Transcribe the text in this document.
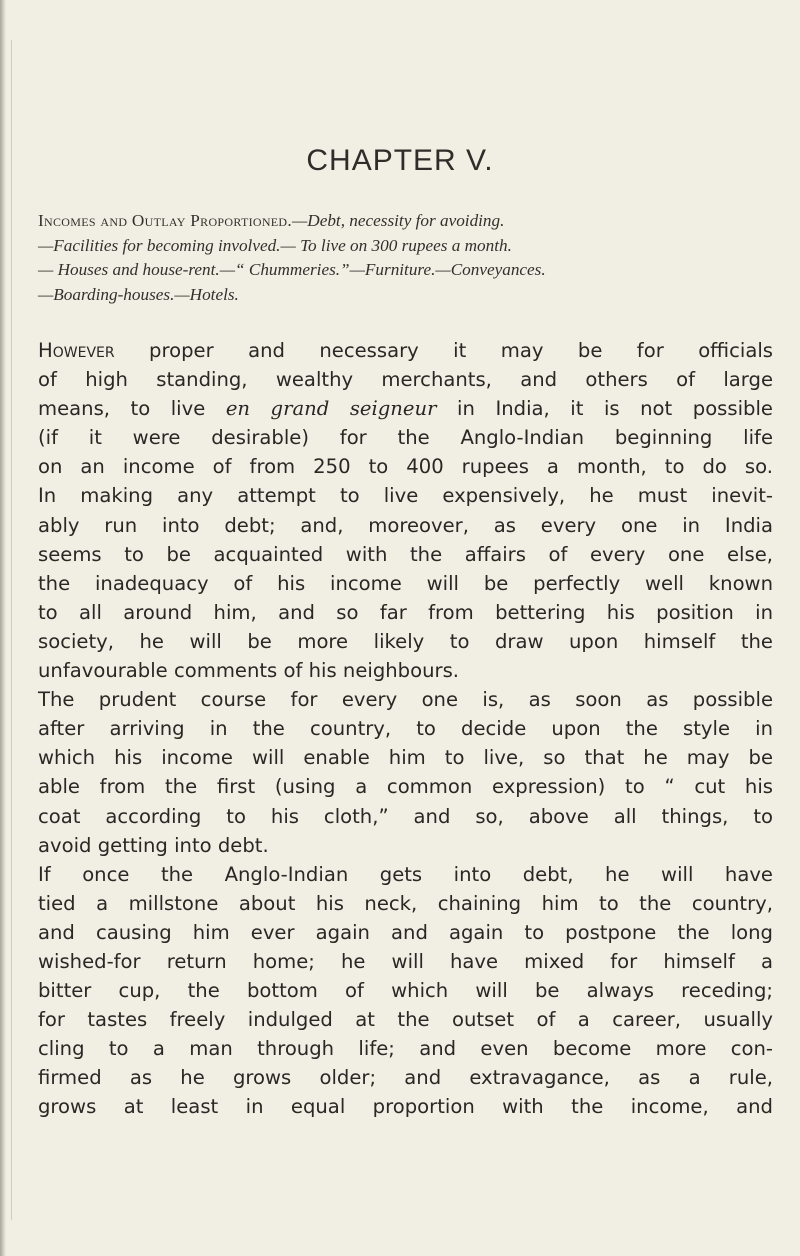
CHAPTER V.
Incomes and Outlay Proportioned.—Debt, necessity for avoiding.
—Facilities for becoming involved.— To live on 300 rupees a month.
— Houses and house-rent.—“ Chummeries.”—Furniture.—Conveyances.
—Boarding-houses.—Hotels.
However proper and necessary it may be for officials
of high standing, wealthy merchants, and others of large
means, to live en grand seigneur in India, it is not possible
(if it were desirable) for the Anglo-Indian beginning life
on an income of from 250 to 400 rupees a month, to do so.
In making any attempt to live expensively, he must inevit-
ably run into debt; and, moreover, as every one in India
seems to be acquainted with the affairs of every one else,
the inadequacy of his income will be perfectly well known
to all around him, and so far from bettering his position in
society, he will be more likely to draw upon himself the
unfavourable comments of his neighbours.
The prudent course for every one is, as soon as possible
after arriving in the country, to decide upon the style in
which his income will enable him to live, so that he may be
able from the first (using a common expression) to “ cut his
coat according to his cloth,” and so, above all things, to
avoid getting into debt.
If once the Anglo-Indian gets into debt, he will have
tied a millstone about his neck, chaining him to the country,
and causing him ever again and again to postpone the long
wished-for return home; he will have mixed for himself a
bitter cup, the bottom of which will be always receding;
for tastes freely indulged at the outset of a career, usually
cling to a man through life; and even become more con-
firmed as he grows older; and extravagance, as a rule,
grows at least in equal proportion with the income, and
